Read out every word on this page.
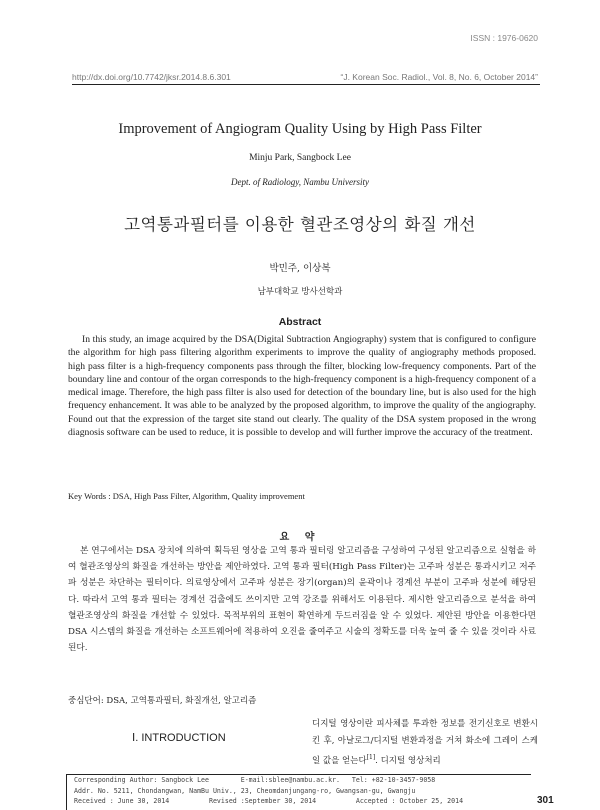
ISSN : 1976-0620
http://dx.doi.org/10.7742/jksr.2014.8.6.301	“J. Korean Soc. Radiol., Vol. 8, No. 6, October 2014”
Improvement of Angiogram Quality Using by High Pass Filter
Minju Park, Sangbock Lee
Dept. of Radiology, Nambu University
고역통과필터를 이용한 혈관조영상의 화질 개선
박민주, 이상복
남부대학교 방사선학과
Abstract

In this study, an image acquired by the DSA(Digital Subtraction Angiography) system that is configured to configure the algorithm for high pass filtering algorithm experiments to improve the quality of angiography methods proposed. high pass filter is a high-frequency components pass through the filter, blocking low-frequency components. Part of the boundary line and contour of the organ corresponds to the high-frequency component is a high-frequency component of a medical image. Therefore, the high pass filter is also used for detection of the boundary line, but is also used for the high frequency enhancement. It was able to be analyzed by the proposed algorithm, to improve the quality of the angiography. Found out that the expression of the target site stand out clearly. The quality of the DSA system proposed in the wrong diagnosis software can be used to reduce, it is possible to develop and will further improve the accuracy of the treatment.

Key Words : DSA, High Pass Filter, Algorithm, Quality improvement
요 약

본 연구에서는 DSA 장치에 의하여 획득된 영상을 고역 통과 필터링 알고리즘을 구성하여 구성된 알고리즘으로 실험을 하여 혈관조영상의 화질을 개선하는 방안을 제안하였다. 고역 통과 필터(High Pass Filter)는 고주파 성분은 통과시키고 저주파 성분은 차단하는 필터이다. 의료영상에서 고주파 성분은 장기(organ)의 윤곽이나 경계선 부분이 고주파 성분에 해당된다. 따라서 고역 통과 필터는 경계선 검출에도 쓰이지만 고역 강조를 위해서도 이용된다. 제시한 알고리즘으로 분석을 하여 혈관조영상의 화질을 개선할 수 있었다. 목적부위의 표현이 확연하게 두드러짐을 알 수 있었다. 제안된 방안을 이용한다면 DSA 시스템의 화질을 개선하는 소프트웨어에 적용하여 오진을 줄여주고 시술의 정확도를 더욱 높여 줄 수 있을 것이라 사료된다.

중심단어: DSA, 고역통과필터, 화질개선, 알고리즘
Ⅰ. INTRODUCTION

디지털 영상이란 피사체를 투과한 정보를 전기신호로 변환시킨 후, 아날로그/디지털 변환과정을 거쳐 화소에 그레이 스케일 값을 얻는다[1]. 디지털 영상처리

Corresponding Author: Sangbock Lee        E-mail:sblee@nambu.ac.kr.   Tel: +82-10-3457-9058
Addr. No. 5211, Chondangwan, NamBu Univ., 23, Cheomdanjungang-ro, Gwangsan-gu, Gwangju
Received : June 30, 2014          Revised :September 30, 2014          Accepted : October 25, 2014	301
